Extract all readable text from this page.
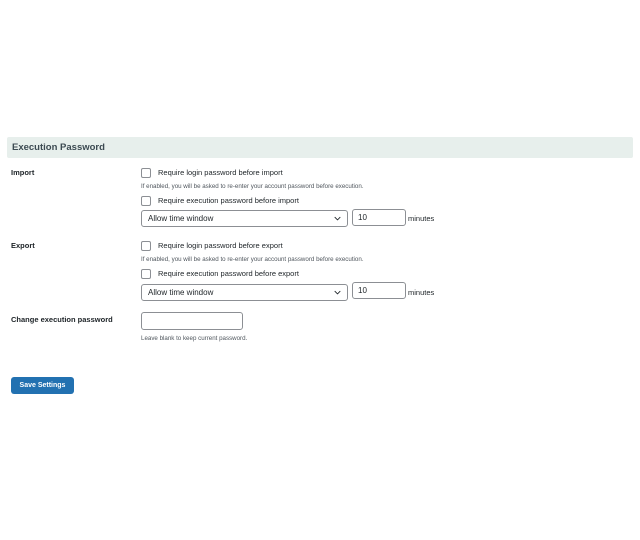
Execution Password
Import	Require login password before import
If enabled, you will be asked to re-enter your account password before execution.
Require execution password before import
Allow time window	10	minutes
Export	Require login password before export
If enabled, you will be asked to re-enter your account password before execution.
Require execution password before export
Allow time window	10	minutes
Change execution password
Leave blank to keep current password.
Save Settings
